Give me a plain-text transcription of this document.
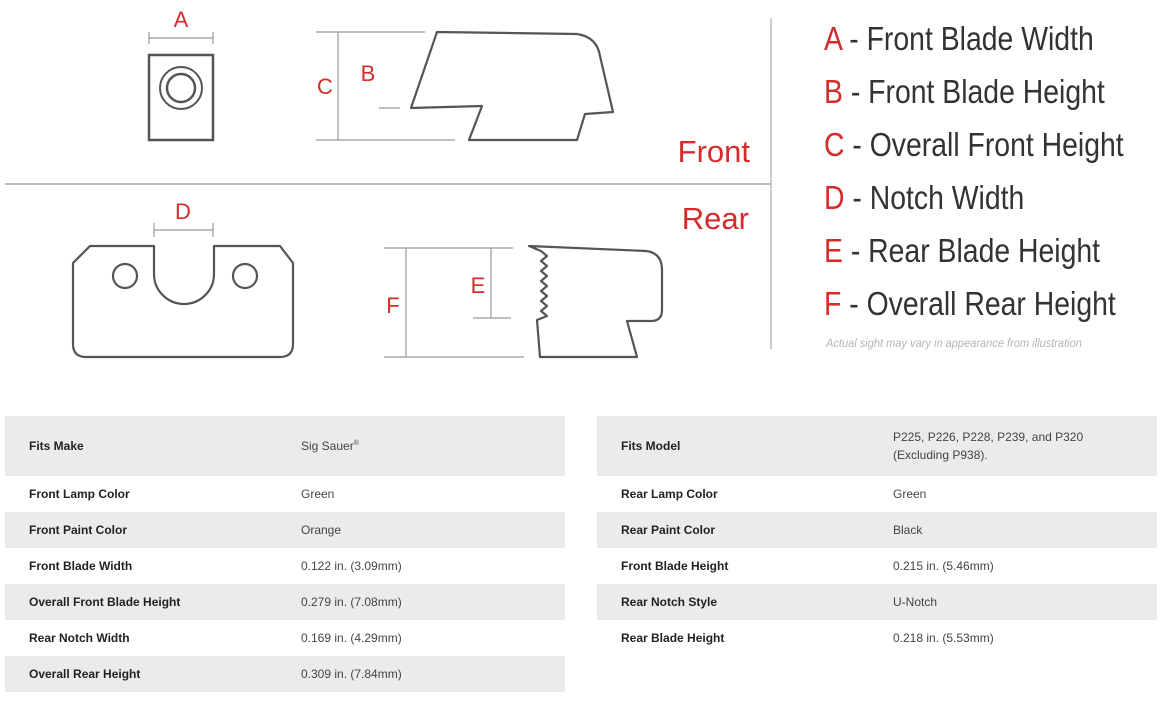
A
C
B
Front
D
F
E
Rear
A - Front Blade Width
B - Front Blade Height
C - Overall Front Height
D - Notch Width
E - Rear Blade Height
F - Overall Rear Height
Actual sight may vary in appearance from illustration
Fits Make	Sig Sauer®
Front Lamp Color	Green
Front Paint Color	Orange
Front Blade Width	0.122 in. (3.09mm)
Overall Front Blade Height	0.279 in. (7.08mm)
Rear Notch Width	0.169 in. (4.29mm)
Overall Rear Height	0.309 in. (7.84mm)
Fits Model	P225, P226, P228, P239, and P320
(Excluding P938).
Rear Lamp Color	Green
Rear Paint Color	Black
Front Blade Height	0.215 in. (5.46mm)
Rear Notch Style	U-Notch
Rear Blade Height	0.218 in. (5.53mm)
